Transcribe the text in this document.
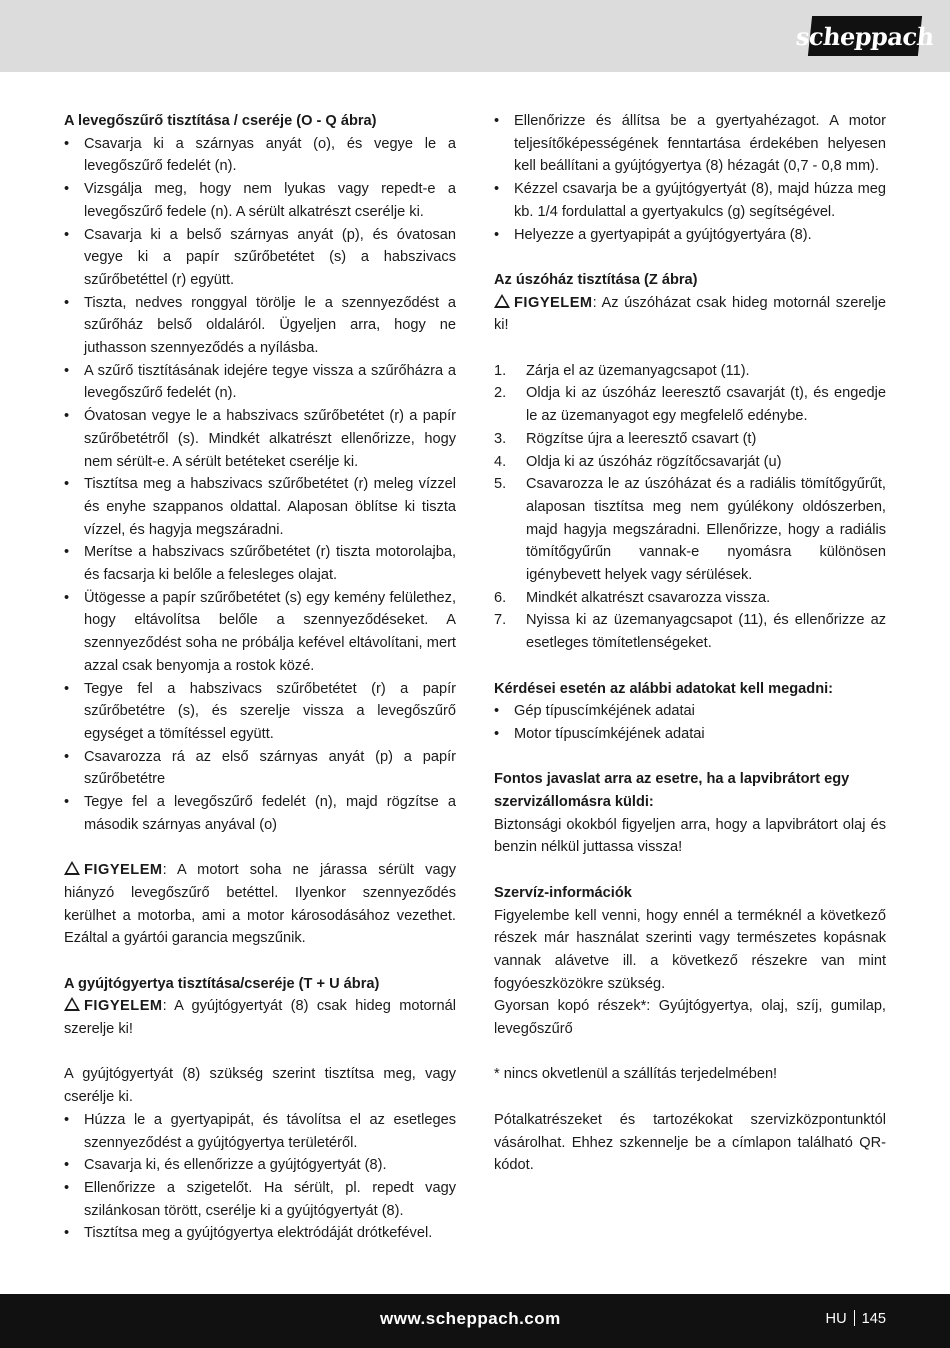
scheppach
A levegőszűrő tisztítása / cseréje (O - Q ábra)
• Csavarja ki a szárnyas anyát (o), és vegye le a levegőszűrő fedelét (n).
• Vizsgálja meg, hogy nem lyukas vagy repedt-e a levegőszűrő fedele (n). A sérült alkatrészt cserélje ki.
• Csavarja ki a belső szárnyas anyát (p), és óvatosan vegye ki a papír szűrőbetétet (s) a habszivacs szűrőbetéttel (r) együtt.
• Tiszta, nedves ronggyal törölje le a szennyeződést a szűrőház belső oldaláról. Ügyeljen arra, hogy ne juthasson szennyeződés a nyílásba.
• A szűrő tisztításának idejére tegye vissza a szűrőházra a levegőszűrő fedelét (n).
• Óvatosan vegye le a habszivacs szűrőbetétet (r) a papír szűrőbetétről (s). Mindkét alkatrészt ellenőrizze, hogy nem sérült-e. A sérült betéteket cserélje ki.
• Tisztítsa meg a habszivacs szűrőbetétet (r) meleg vízzel és enyhe szappanos oldattal. Alaposan öblítse ki tiszta vízzel, és hagyja megszáradni.
• Merítse a habszivacs szűrőbetétet (r) tiszta motorolajba, és facsarja ki belőle a felesleges olajat.
• Ütögesse a papír szűrőbetétet (s) egy kemény felülethez, hogy eltávolítsa belőle a szennyeződéseket. A szennyeződést soha ne próbálja kefével eltávolítani, mert azzal csak benyomja a rostok közé.
• Tegye fel a habszivacs szűrőbetétet (r) a papír szűrőbetétre (s), és szerelje vissza a levegőszűrő egységet a tömítéssel együtt.
• Csavarozza rá az első szárnyas anyát (p) a papír szűrőbetétre
• Tegye fel a levegőszűrő fedelét (n), majd rögzítse a második szárnyas anyával (o)

FIGYELEM: A motort soha ne járassa sérült vagy hiányzó levegőszűrő betéttel. Ilyenkor szennyeződés kerülhet a motorba, ami a motor károsodásához vezethet. Ezáltal a gyártói garancia megszűnik.

A gyújtógyertya tisztítása/cseréje (T + U ábra)

FIGYELEM: A gyújtógyertyát (8) csak hideg motornál szerelje ki!

A gyújtógyertyát (8) szükség szerint tisztítsa meg, vagy cserélje ki.

• Húzza le a gyertyapipát, és távolítsa el az esetleges szennyeződést a gyújtógyertya területéről.
• Csavarja ki, és ellenőrizze a gyújtógyertyát (8).
• Ellenőrizze a szigetelőt. Ha sérült, pl. repedt vagy szilánkosan törött, cserélje ki a gyújtógyertyát (8).
• Tisztítsa meg a gyújtógyertya elektródáját drótkefével.
• Ellenőrizze és állítsa be a gyertyahézagot. A motor teljesítőképességének fenntartása érdekében helyesen kell beállítani a gyújtógyertya (8) hézagát (0,7 - 0,8 mm).
• Kézzel csavarja be a gyújtógyertyát (8), majd húzza meg kb. 1/4 fordulattal a gyertyakulcs (g) segítségével.
• Helyezze a gyertyapipát a gyújtógyertyára (8).
Az úszóház tisztítása (Z ábra)

FIGYELEM: Az úszóházat csak hideg motornál szerelje ki!

1.	Zárja el az üzemanyagcsapot (11).
2.	Oldja ki az úszóház leeresztő csavarját (t), és engedje le az üzemanyagot egy megfelelő edénybe.
3.	Rögzítse újra a leeresztő csavart (t)
4.	Oldja ki az úszóház rögzítőcsavarját (u)
5.	Csavarozza le az úszóházat és a radiális tömítőgyűrűt, alaposan tisztítsa meg nem gyúlékony oldószerben, majd hagyja megszáradni. Ellenőrizze, hogy a radiális tömítőgyűrűn vannak-e nyomásra különösen igénybevett helyek vagy sérülések.
6.	Mindkét alkatrészt csavarozza vissza.
7.	Nyissa ki az üzemanyagcsapot (11), és ellenőrizze az esetleges tömítetlenségeket.
Kérdései esetén az alábbi adatokat kell megadni:
• Gép típuscímkéjének adatai
• Motor típuscímkéjének adatai
Fontos javaslat arra az esetre, ha a lapvibrátort egy szervizállomásra küldi:

Biztonsági okokból figyeljen arra, hogy a lapvibrátort olaj és benzin nélkül juttassa vissza!

Szervíz-információk

Figyelembe kell venni, hogy ennél a terméknél a következő részek már használat szerinti vagy természetes kopásnak vannak alávetve ill. a következő részekre van mint fogyóeszközökre szükség.

Gyorsan kopó részek*: Gyújtógyertya, olaj, szíj, gumilap, levegőszűrő

* nincs okvetlenül a szállítás terjedelmében!

Pótalkatrészeket és tartozékokat szervizközpontunktól vásárolhat. Ehhez szkennelje be a címlapon található QR-kódot.

www.scheppach.com	HU 145
